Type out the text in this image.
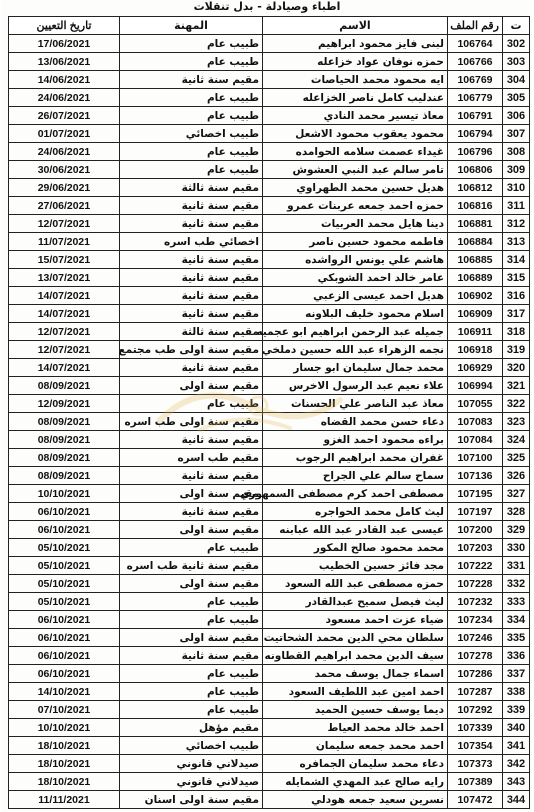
اطباء وصيادلة - بدل تنقلات
ت	رقم الملف	الاسم	المهنة	تاريخ التعيين
302	106764	لبنى فايز محمود ابراهيم	طبيب عام	17/06/2021
303	106766	حمزه نوفان عواد خزاعله	طبيب عام	13/06/2021
304	106769	ايه محمود محمد الحياصات	مقيم سنة ثانية	14/06/2021
305	106779	عندليب كامل ناصر الخزاعله	طبيب عام	24/06/2021
306	106791	معاذ تيسير محمد النادي	طبيب عام	26/07/2021
307	106794	محمود يعقوب محمود الاشعل	طبيب اخصائي	01/07/2021
308	106796	غيداء عصمت سلامه الحوامده	طبيب عام	24/06/2021
309	106806	تامر سالم عبد النبي العشوش	طبيب عام	30/06/2021
310	106812	هديل حسين محمد الطهراوي	مقيم سنة ثالثة	29/06/2021
311	106816	حمزه احمد جمعه عربنات عمرو	مقيم سنة ثانية	27/06/2021
312	106881	دينا هايل محمد العربيات	مقيم سنة ثانية	12/07/2021
313	106884	فاطمه محمود حسين ناصر	اخصائي طب اسره	11/07/2021
314	106885	هاشم علي يونس الرواشده	مقيم سنة ثانية	15/07/2021
315	106889	عامر خالد احمد الشوبكي	مقيم سنة ثانية	13/07/2021
316	106902	هديل احمد عيسى الزعبي	مقيم سنة ثانية	14/07/2021
317	106909	اسلام محمود خليف البلاونه	مقيم سنة ثانية	14/07/2021
318	106911	جميله عبد الرحمن ابراهيم ابو عجميه	مقيم سنة ثالثة	12/07/2021
319	106918	نجمه الزهراء عبد الله حسين دملخي	مقيم سنة اولى طب مجتمع	12/07/2021
320	106929	محمد جمال سليمان ابو جسار	مقيم سنة ثانية	14/07/2021
321	106994	علاء نعيم عبد الرسول الاخرس	مقيم سنة اولى	08/09/2021
322	107055	معاذ عبد الناصر علي الحسنات	طبيب عام	12/09/2021
323	107083	دعاء حسن محمد القضاه	مقيم سنة اولى طب اسره	08/09/2021
324	107084	براءه محمود احمد الغزو	مقيم سنة ثانية	08/09/2021
325	107100	غفران محمد ابراهيم الرجوب	مقيم طب اسره	08/09/2021
326	107136	سماح سالم علي الجراح	مقيم سنة ثانية	08/09/2021
327	107195	مصطفى احمد كرم مصطفى السمهوري	مقيم سنة اولى	10/10/2021
328	107197	ليث كامل محمد الحواجره	مقيم سنة ثانية	06/10/2021
329	107200	عيسى عبد القادر عبد الله عبابنه	مقيم سنة اولى	06/10/2021
330	107203	محمد محمود صالح المكور	طبيب عام	05/10/2021
331	107222	مجد فائز حسين الخطيب	مقيم سنة ثانية طب اسره	05/10/2021
332	107228	حمزه مصطفى عبد الله السعود	مقيم سنة اولى	05/10/2021
333	107232	ليث فيصل سميح عبدالقادر	طبيب عام	05/10/2021
334	107234	ضياء عزت احمد مسعود	طبيب عام	06/10/2021
335	107246	سلطان محي الدين محمد الشحاتيت	مقيم سنة اولى	06/10/2021
336	107278	سيف الدين محمد ابراهيم القطاونه	مقيم سنة ثانية	06/10/2021
337	107286	اسماء جمال يوسف محمد	طبيب عام	06/10/2021
338	107287	احمد امين عبد اللطيف السعود	طبيب عام	14/10/2021
339	107292	ديما يوسف حسين الحميد	طبيب عام	07/10/2021
340	107339	احمد خالد محمد العياط	مقيم مؤهل	10/10/2021
341	107354	احمد محمد جمعه سليمان	طبيب اخصائي	18/10/2021
342	107373	دعاء محمد سليمان الجمافره	صيدلاني قانوني	18/10/2021
343	107389	رايه صالح عبد المهدي الشمايله	صيدلاني قانوني	18/10/2021
344	107472	نسرين سعيد جمعه هودلي	مقيم سنة اولى اسنان	11/11/2021
